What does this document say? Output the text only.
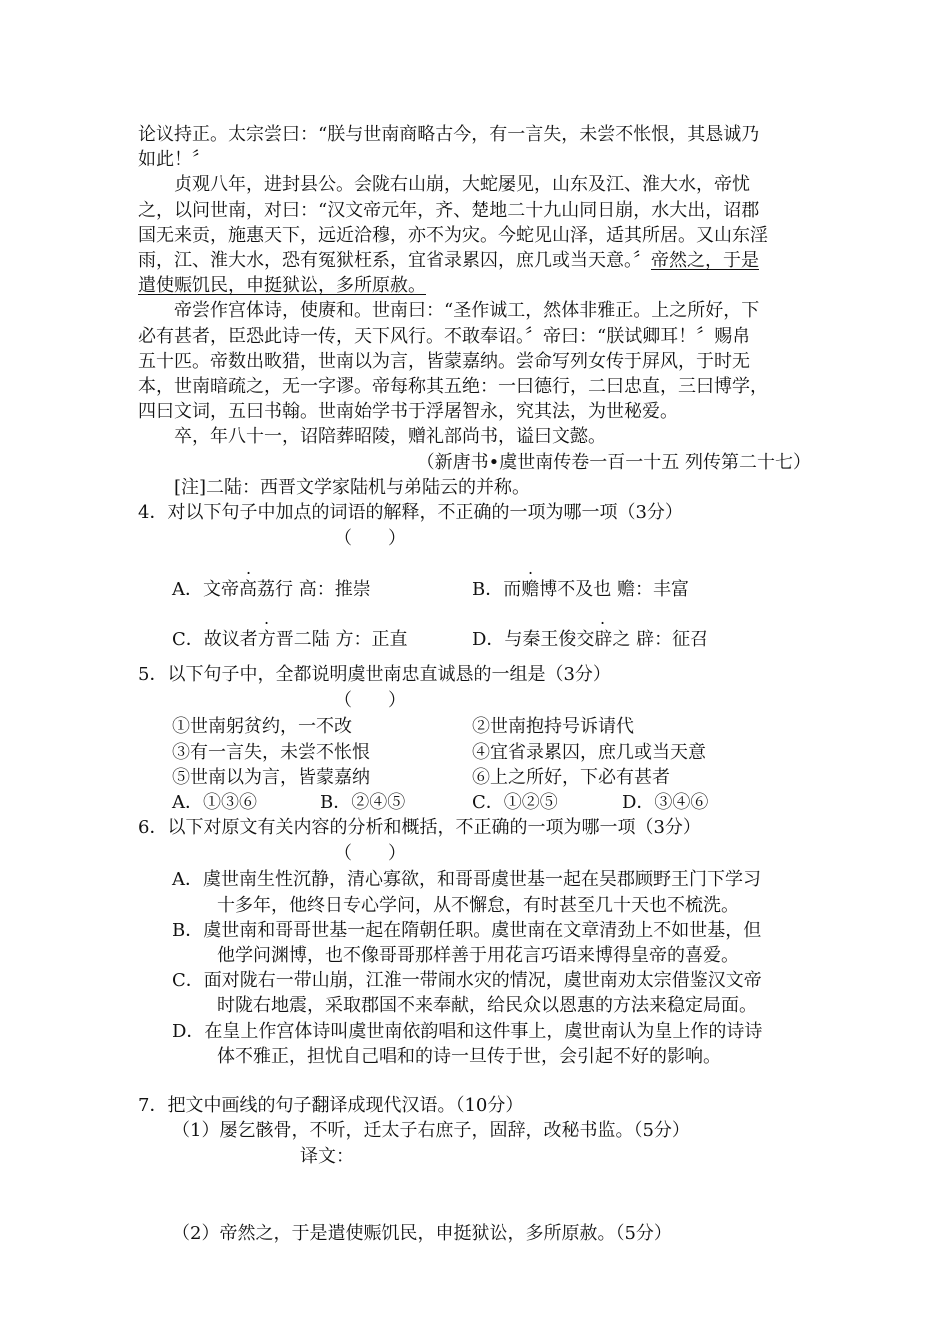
论议持正。太宗尝曰：“朕与世南商略古今，有一言失，未尝不怅恨，其恳诚乃

如此！〞

贞观八年，进封县公。会陇右山崩，大蛇屡见，山东及江、淮大水，帝忧

之，以问世南，对曰：“汉文帝元年，齐、楚地二十九山同日崩，水大出，诏郡

国无来贡，施惠天下，远近洽穆，亦不为灾。今蛇见山泽，适其所居。又山东淫

雨，江、淮大水，恐有冤狱枉系，宜省录累囚，庶几或当天意。〞帝然之，于是

遣使赈饥民，申挺狱讼，多所原赦。

帝尝作宫体诗，使赓和。世南曰：“圣作诚工，然体非雅正。上之所好，下

必有甚者，臣恐此诗一传，天下风行。不敢奉诏。〞帝曰：“朕试卿耳！〞赐帛

五十匹。帝数出畋猎，世南以为言，皆蒙嘉纳。尝命写列女传于屏风，于时无

本，世南暗疏之，无一字谬。帝每称其五绝：一曰德行，二曰忠直，三曰博学，

四曰文词，五曰书翰。世南始学书于浮屠智永，究其法，为世秘爱。

卒，年八十一，诏陪葬昭陵，赠礼部尚书，谥曰文懿。

（新唐书•虞世南传卷一百一十五 列传第二十七）

[注]二陆：西晋文学家陆机与弟陆云的并称。

4．对以下句子中加点的词语的解释，不正确的一项为哪一项（3分）

（　　）

.
A．文帝高荔行 高：推崇
.
B．而赡博不及也 赡：丰富
.
C．故议者方晋二陆 方：正直
.
D．与秦王俊交辟之 辟：征召

5．以下句子中，全都说明虞世南忠直诚恳的一组是（3分）

（　　）

①世南躬贫约，一不改	②世南抱持号诉请代
③有一言失，未尝不怅恨	④宜省录累囚，庶几或当天意
⑤世南以为言，皆蒙嘉纳	⑥上之所好，下必有甚者
A．①③⑥	B．②④⑤	C．①②⑤	D．③④⑥

6．以下对原文有关内容的分析和概括，不正确的一项为哪一项（3分）

（　　）

A．虞世南生性沉静，清心寡欲，和哥哥虞世基一起在吴郡顾野王门下学习

十多年，他终日专心学问，从不懈怠，有时甚至几十天也不梳洗。

B．虞世南和哥哥世基一起在隋朝任职。虞世南在文章清劲上不如世基，但

他学问渊博，也不像哥哥那样善于用花言巧语来博得皇帝的喜爱。

C．面对陇右一带山崩，江淮一带闹水灾的情况，虞世南劝太宗借鉴汉文帝

时陇右地震，采取郡国不来奉献，给民众以恩惠的方法来稳定局面。

D．在皇上作宫体诗叫虞世南依韵唱和这件事上，虞世南认为皇上作的诗诗

体不雅正，担忧自己唱和的诗一旦传于世，会引起不好的影响。

7．把文中画线的句子翻译成现代汉语。（10分）

（1）屡乞骸骨，不听，迁太子右庶子，固辞，改秘书监。（5分）

译文：

（2）帝然之，于是遣使赈饥民，申挺狱讼，多所原赦。（5分）
